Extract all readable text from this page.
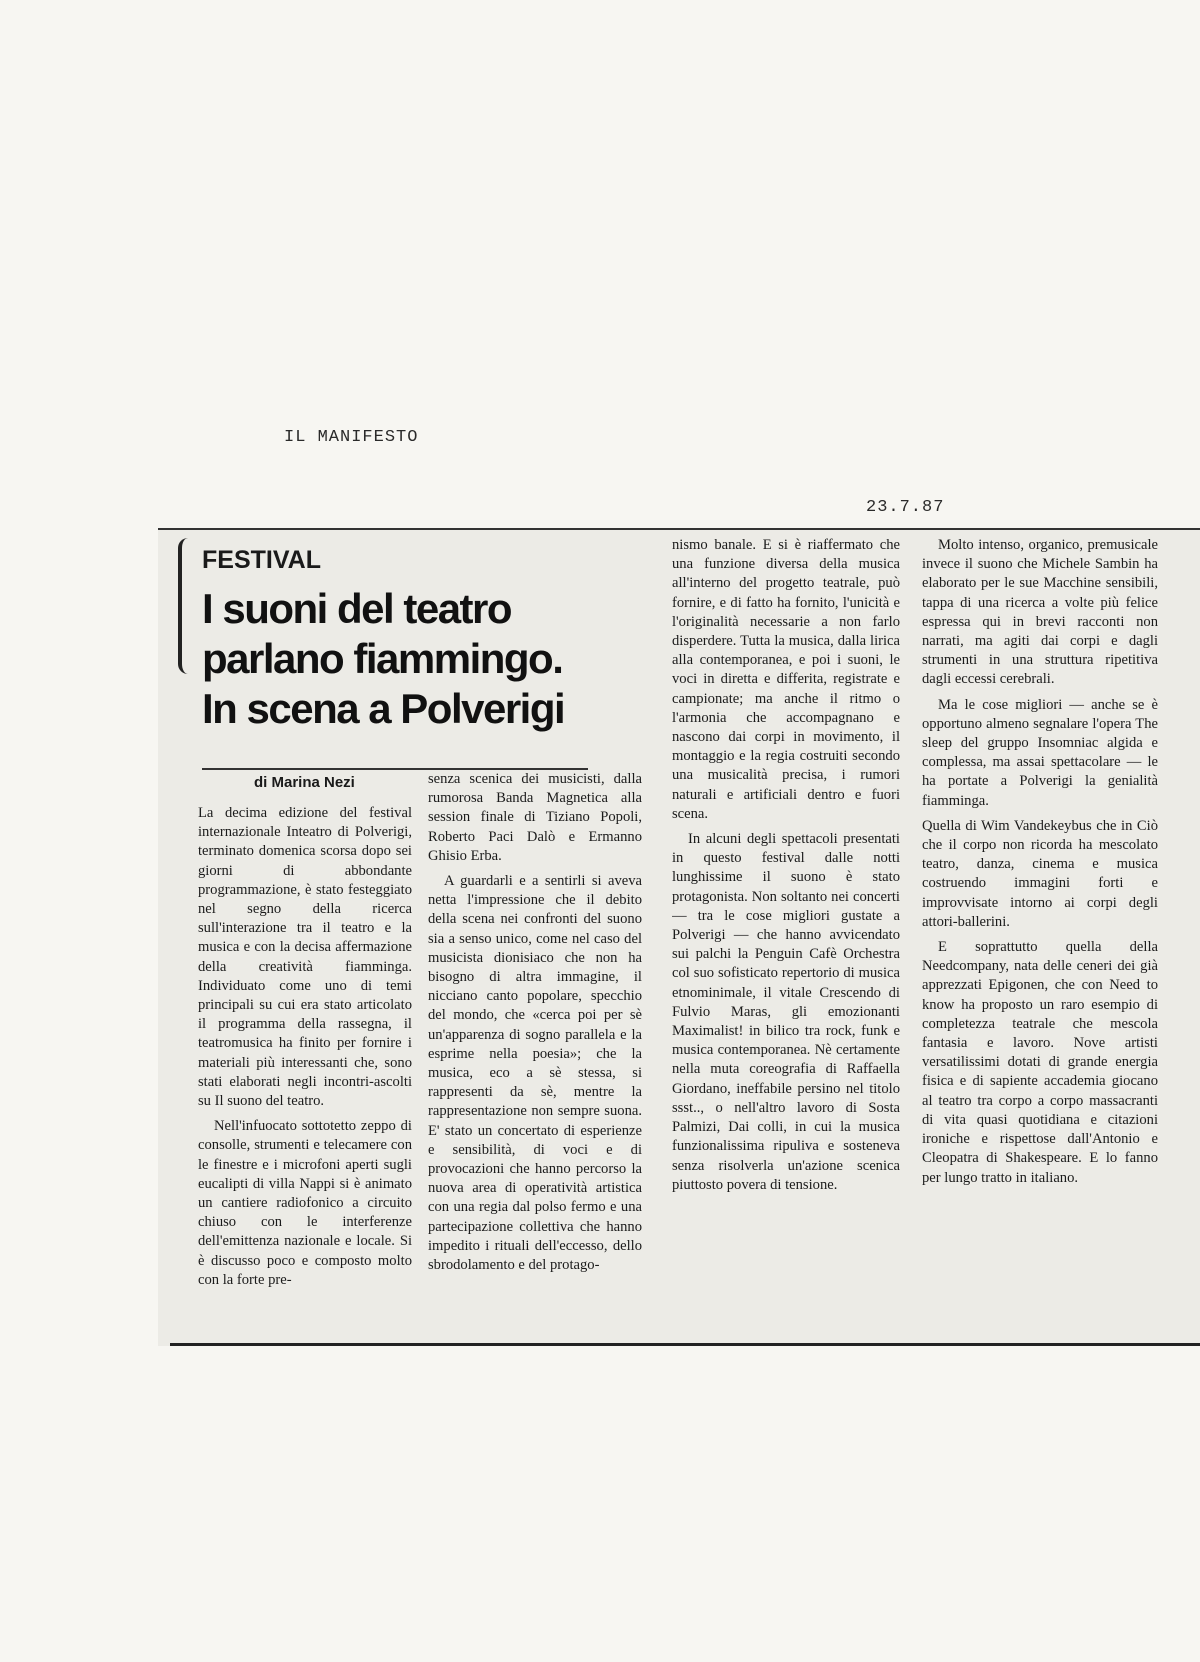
IL MANIFESTO
23.7.87
FESTIVAL
I suoni del teatro
parlano fiammingo.
In scena a Polverigi
di Marina Nezi

La decima edizione del festival internazionale Inteatro di Polverigi, terminato domenica scorsa dopo sei giorni di abbondante programmazione, è stato festeggiato nel segno della ricerca sull'interazione tra il teatro e la musica e con la decisa affermazione della creatività fiamminga. Individuato come uno di temi principali su cui era stato articolato il programma della rassegna, il teatromusica ha finito per fornire i materiali più interessanti che, sono stati elaborati negli incontri-ascolti su Il suono del teatro.

Nell'infuocato sottotetto zeppo di consolle, strumenti e telecamere con le finestre e i microfoni aperti sugli eucalipti di villa Nappi si è animato un cantiere radiofonico a circuito chiuso con le interferenze dell'emittenza nazionale e locale. Si è discusso poco e composto molto con la forte pre-

senza scenica dei musicisti, dalla rumorosa Banda Magnetica alla session finale di Tiziano Popoli, Roberto Paci Dalò e Ermanno Ghisio Erba.

A guardarli e a sentirli si aveva netta l'impressione che il debito della scena nei confronti del suono sia a senso unico, come nel caso del musicista dionisiaco che non ha bisogno di altra immagine, il nicciano canto popolare, specchio del mondo, che «cerca poi per sè un'apparenza di sogno parallela e la esprime nella poesia»; che la musica, eco a sè stessa, si rappresenti da sè, mentre la rappresentazione non sempre suona. E' stato un concertato di esperienze e sensibilità, di voci e di provocazioni che hanno percorso la nuova area di operatività artistica con una regia dal polso fermo e una partecipazione collettiva che hanno impedito i rituali dell'eccesso, dello sbrodolamento e del protago-

nismo banale. E si è riaffermato che una funzione diversa della musica all'interno del progetto teatrale, può fornire, e di fatto ha fornito, l'unicità e l'originalità necessarie a non farlo disperdere. Tutta la musica, dalla lirica alla contemporanea, e poi i suoni, le voci in diretta e differita, registrate e campionate; ma anche il ritmo o l'armonia che accompagnano e nascono dai corpi in movimento, il montaggio e la regia costruiti secondo una musicalità precisa, i rumori naturali e artificiali dentro e fuori scena.

In alcuni degli spettacoli presentati in questo festival dalle notti lunghissime il suono è stato protagonista. Non soltanto nei concerti — tra le cose migliori gustate a Polverigi — che hanno avvicendato sui palchi la Penguin Cafè Orchestra col suo sofisticato repertorio di musica etnominimale, il vitale Crescendo di Fulvio Maras, gli emozionanti Maximalist! in bilico tra rock, funk e musica contemporanea. Nè certamente nella muta coreografia di Raffaella Giordano, ineffabile persino nel titolo ssst.., o nell'altro lavoro di Sosta Palmizi, Dai colli, in cui la musica funzionalissima ripuliva e sosteneva senza risolverla un'azione scenica piuttosto povera di tensione.

Molto intenso, organico, premusicale invece il suono che Michele Sambin ha elaborato per le sue Macchine sensibili, tappa di una ricerca a volte più felice espressa qui in brevi racconti non narrati, ma agiti dai corpi e dagli strumenti in una struttura ripetitiva dagli eccessi cerebrali.

Ma le cose migliori — anche se è opportuno almeno segnalare l'opera The sleep del gruppo Insomniac algida e complessa, ma assai spettacolare — le ha portate a Polverigi la genialità fiamminga.

Quella di Wim Vandekeybus che in Ciò che il corpo non ricorda ha mescolato teatro, danza, cinema e musica costruendo immagini forti e improvvisate intorno ai corpi degli attori-ballerini.

E soprattutto quella della Needcompany, nata delle ceneri dei già apprezzati Epigonen, che con Need to know ha proposto un raro esempio di completezza teatrale che mescola fantasia e lavoro. Nove artisti versatilissimi dotati di grande energia fisica e di sapiente accademia giocano al teatro tra corpo a corpo massacranti di vita quasi quotidiana e citazioni ironiche e rispettose dall'Antonio e Cleopatra di Shakespeare. E lo fanno per lungo tratto in italiano.
